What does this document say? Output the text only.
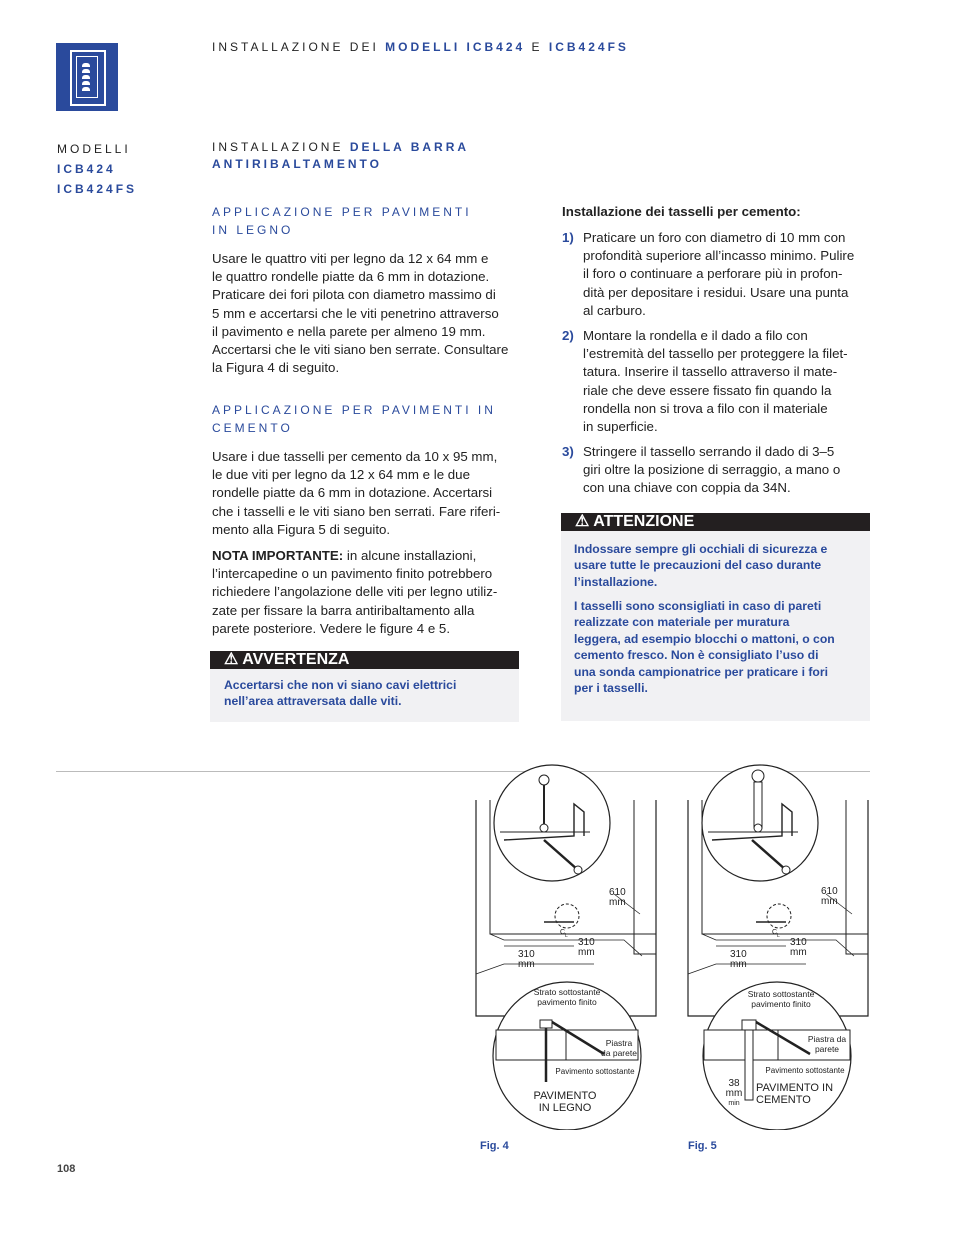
INSTALLAZIONE DEI MODELLI ICB424 E ICB424FS
MODELLI
ICB424
ICB424FS
INSTALLAZIONE DELLA BARRA
ANTIRIBALTAMENTO
APPLICAZIONE PER PAVIMENTI
IN LEGNO
Usare le quattro viti per legno da 12 x 64 mm e
le quattro rondelle piatte da 6 mm in dotazione.
Praticare dei fori pilota con diametro massimo di
5 mm e accertarsi che le viti penetrino attraverso
il pavimento e nella parete per almeno 19 mm.
Accertarsi che le viti siano ben serrate. Consultare
la Figura 4 di seguito.
APPLICAZIONE PER PAVIMENTI IN
CEMENTO
Usare i due tasselli per cemento da 10 x 95 mm,
le due viti per legno da 12 x 64 mm e le due
rondelle piatte da 6 mm in dotazione. Accertarsi
che i tasselli e le viti siano ben serrati. Fare riferi-
mento alla Figura 5 di seguito.
NOTA IMPORTANTE: in alcune installazioni,
l’intercapedine o un pavimento finito potrebbero
richiedere l’angolazione delle viti per legno utiliz-
zate per fissare la barra antiribaltamento alla
parete posteriore. Vedere le figure 4 e 5.
⚠ AVVERTENZA
Accertarsi che non vi siano cavi elettrici
nell’area attraversata dalle viti.
Installazione dei tasselli per cemento:
1) Praticare un foro con diametro di 10 mm con
profondità superiore all’incasso minimo. Pulire
il foro o continuare a perforare più in profon-
dità per depositare i residui. Usare una punta
al carburo.
2) Montare la rondella e il dado a filo con
l’estremità del tassello per proteggere la filet-
tatura. Inserire il tassello attraverso il mate-
riale che deve essere fissato fin quando la
rondella non si trova a filo con il materiale
in superficie.
3) Stringere il tassello serrando il dado di 3–5
giri oltre la posizione di serraggio, a mano o
con una chiave con coppia da 34N.
⚠ ATTENZIONE
Indossare sempre gli occhiali di sicurezza e
usare tutte le precauzioni del caso durante
l’installazione.
I tasselli sono sconsigliati in caso di pareti
realizzate con materiale per muratura
leggera, ad esempio blocchi o mattoni, o con
cemento fresco. Non è consigliato l’uso di
una sonda campionatrice per praticare i fori
per i tasselli.
610
mm
310
mm
310
mm
C L
Strato sottostante
pavimento finito
Piastra
da parete
Pavimento sottostante
PAVIMENTO
IN LEGNO
Fig. 4
610
mm
310
mm
310
mm
C L
Strato sottostante
pavimento finito
Piastra da
parete
Pavimento sottostante
38
mm
min
PAVIMENTO IN
CEMENTO
Fig. 5
108
